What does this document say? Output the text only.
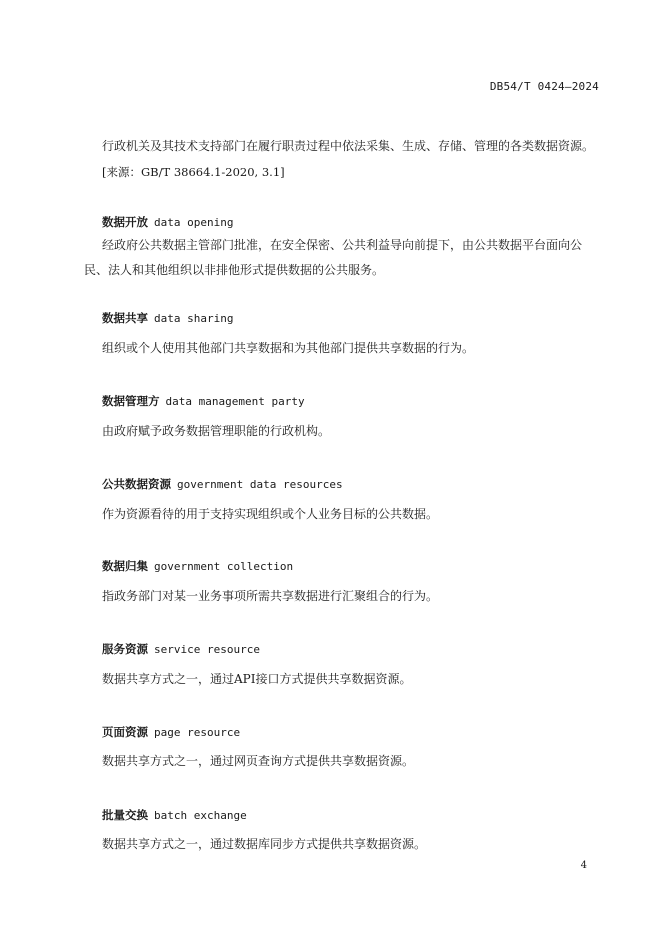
DB54/T 0424—2024
行政机关及其技术支持部门在履行职责过程中依法采集、生成、存储、管理的各类数据资源。
[来源：GB/T 38664.1-2020, 3.1]
数据开放 data opening
经政府公共数据主管部门批准，在安全保密、公共利益导向前提下，由公共数据平台面向公民、法人和其他组织以非排他形式提供数据的公共服务。
数据共享 data sharing
组织或个人使用其他部门共享数据和为其他部门提供共享数据的行为。
数据管理方 data management party
由政府赋予政务数据管理职能的行政机构。
公共数据资源 government data resources
作为资源看待的用于支持实现组织或个人业务目标的公共数据。
数据归集 government collection
指政务部门对某一业务事项所需共享数据进行汇聚组合的行为。
服务资源 service resource
数据共享方式之一，通过API接口方式提供共享数据资源。
页面资源 page resource
数据共享方式之一，通过网页查询方式提供共享数据资源。
批量交换 batch exchange
数据共享方式之一，通过数据库同步方式提供共享数据资源。
4
